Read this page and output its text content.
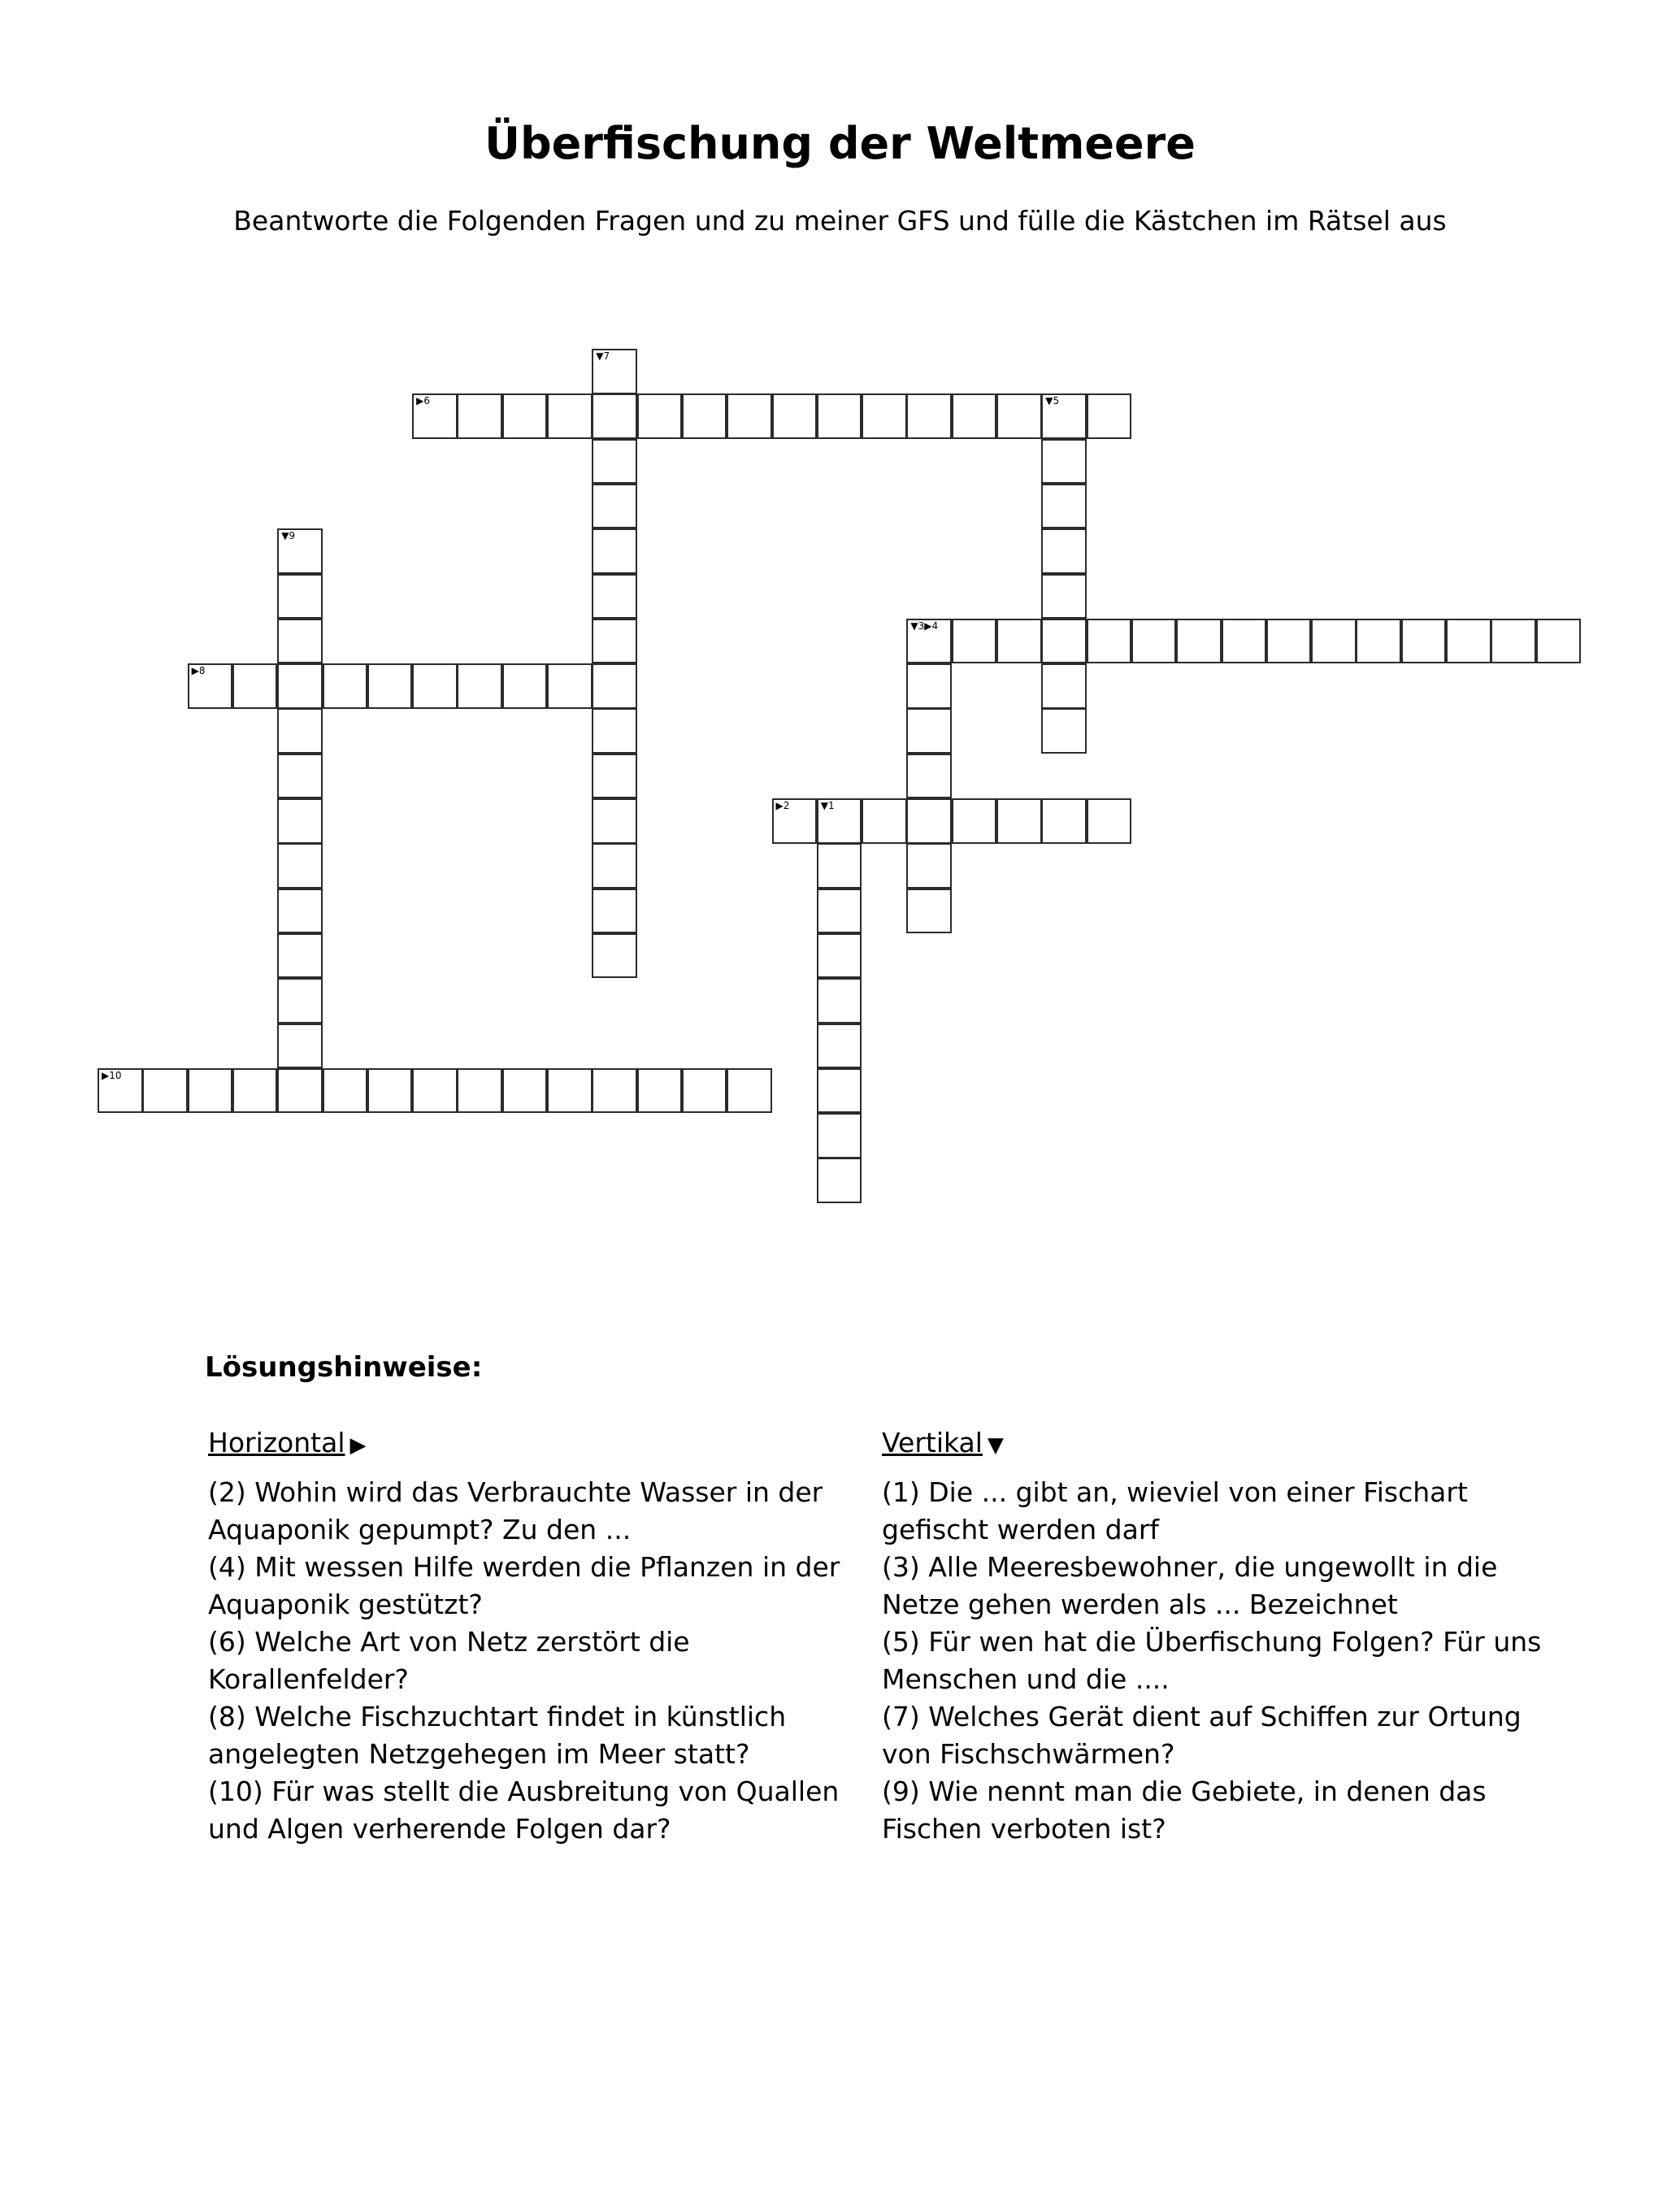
Überfischung der Weltmeere
Beantworte die Folgenden Fragen und zu meiner GFS und fülle die Kästchen im Rätsel aus
▶6	▼5
▼3▶4
▶8
▶2	▼1
▶10
▼7
▼9
Lösungshinweise:
Horizontal ▶

(2) Wohin wird das Verbrauchte Wasser in der Aquaponik gepumpt? Zu den ...

(4) Mit wessen Hilfe werden die Pflanzen in der Aquaponik gestützt?

(6) Welche Art von Netz zerstört die Korallenfelder?

(8) Welche Fischzuchtart findet in künstlich angelegten Netzgehegen im Meer statt?

(10) Für was stellt die Ausbreitung von Quallen und Algen verherende Folgen dar?

Vertikal ▼

(1) Die ... gibt an, wieviel von einer Fischart gefischt werden darf

(3) Alle Meeresbewohner, die ungewollt in die Netze gehen werden als ... Bezeichnet

(5) Für wen hat die Überfischung Folgen? Für uns Menschen und die ....

(7) Welches Gerät dient auf Schiffen zur Ortung von Fischschwärmen?

(9) Wie nennt man die Gebiete, in denen das Fischen verboten ist?
